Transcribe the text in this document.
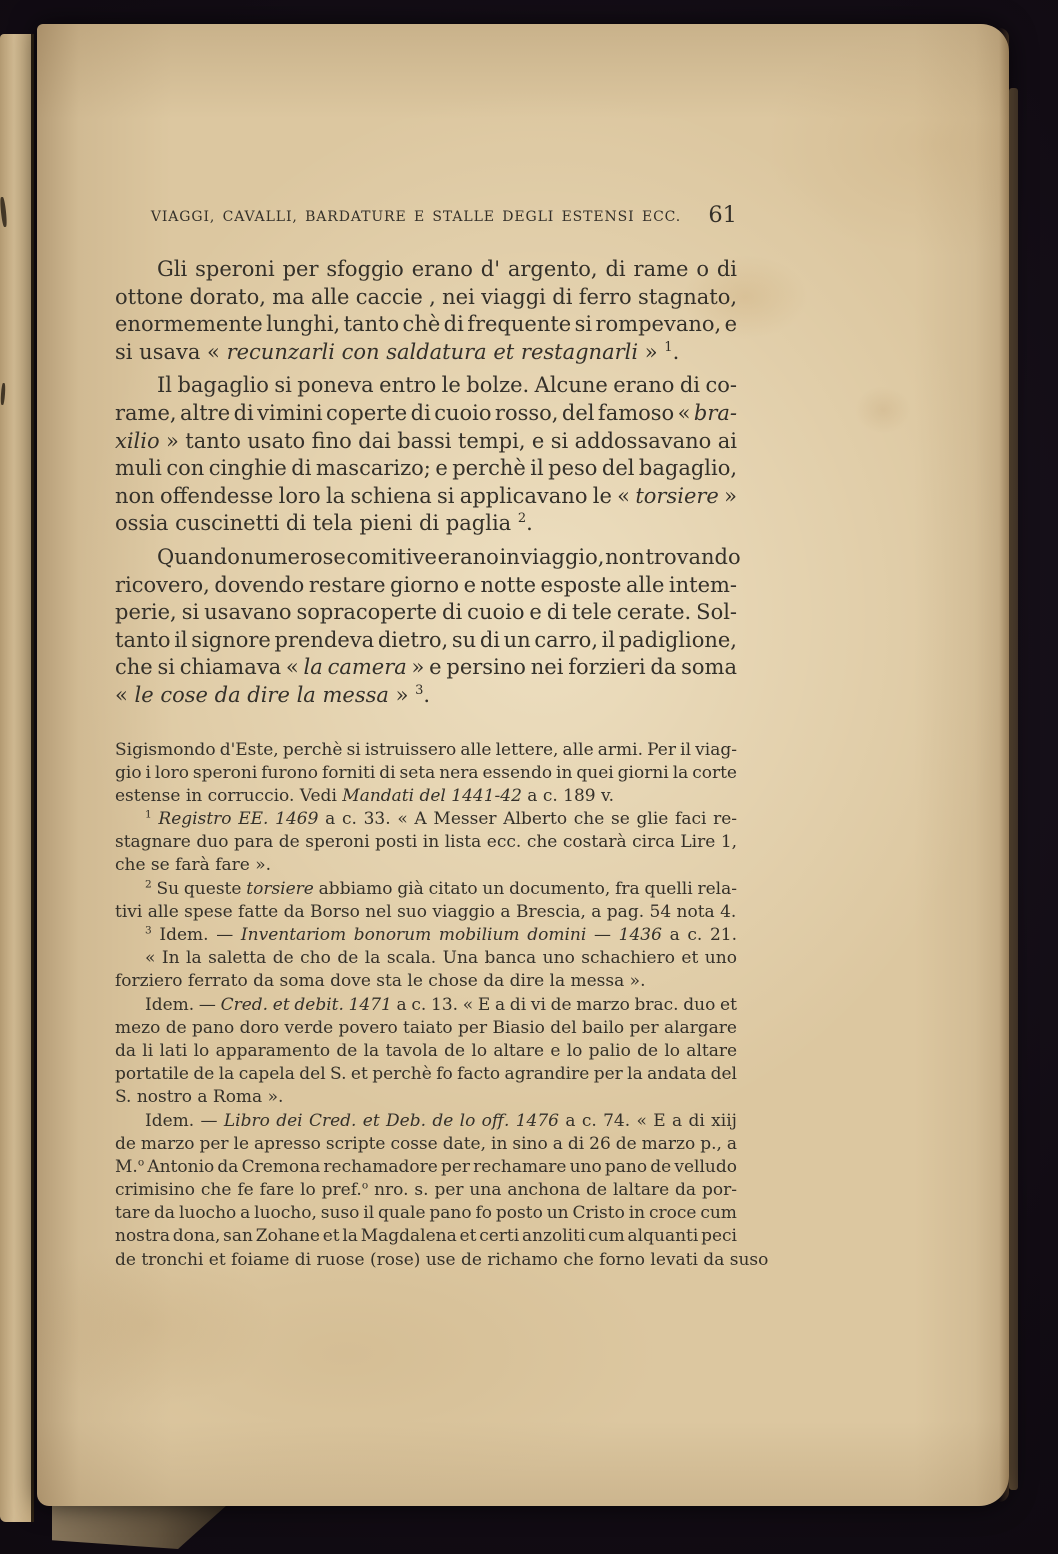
VIAGGI, CAVALLI, BARDATURE E STALLE DEGLI ESTENSI ECC.	61
Gli speroni per sfoggio erano d' argento, di rame o di
ottone dorato, ma alle caccie , nei viaggi di ferro stagnato,
enormemente lunghi, tanto chè di frequente si rompevano, e
si usava « recunzarli con saldatura et restagnarli » $^1$.
Il bagaglio si poneva entro le bolze. Alcune erano di co-
rame, altre di vimini coperte di cuoio rosso, del famoso « bra-
xilio » tanto usato fino dai bassi tempi, e si addossavano ai
muli con cinghie di mascarizo; e perchè il peso del bagaglio,
non offendesse loro la schiena si applicavano le « torsiere »
ossia cuscinetti di tela pieni di paglia $^2$.
Quando numerose comitive erano in viaggio, non trovando
ricovero, dovendo restare giorno e notte esposte alle intem-
perie, si usavano sopracoperte di cuoio e di tele cerate. Sol-
tanto il signore prendeva dietro, su di un carro, il padiglione,
che si chiamava « la camera » e persino nei forzieri da soma
« le cose da dire la messa » $^3$.
Sigismondo d'Este, perchè si istruissero alle lettere, alle armi. Per il viag-
gio i loro speroni furono forniti di seta nera essendo in quei giorni la corte
estense in corruccio. Vedi Mandati del 1441-42 a c. 189 v.
$^1$ Registro EE. 1469 a c. 33. « A Messer Alberto che se glie faci re-
stagnare duo para de speroni posti in lista ecc. che costarà circa Lire 1,
che se farà fare ».
$^2$ Su queste torsiere abbiamo già citato un documento, fra quelli rela-
tivi alle spese fatte da Borso nel suo viaggio a Brescia, a pag. 54 nota 4.
$^3$ Idem. — Inventariom bonorum mobilium domini — 1436 a c. 21.
« In la saletta de cho de la scala. Una banca uno schachiero et uno
forziero ferrato da soma dove sta le chose da dire la messa ».
Idem. — Cred. et debit. 1471 a c. 13. « E a di vi de marzo brac. duo et
mezo de pano doro verde povero taiato per Biasio del bailo per alargare
da li lati lo apparamento de la tavola de lo altare e lo palio de lo altare
portatile de la capela del S. et perchè fo facto agrandire per la andata del
S. nostro a Roma ».
Idem. — Libro dei Cred. et Deb. de lo off. 1476 a c. 74. « E a di xiij
de marzo per le apresso scripte cosse date, in sino a di 26 de marzo p., a
M.$^o$ Antonio da Cremona rechamadore per rechamare uno pano de velludo
crimisino che fe fare lo pref.$^o$ nro. s. per una anchona de laltare da por-
tare da luocho a luocho, suso il quale pano fo posto un Cristo in croce cum
nostra dona, san Zohane et la Magdalena et certi anzoliti cum alquanti peci
de tronchi et foiame di ruose (rose) use de richamo che forno levati da suso
